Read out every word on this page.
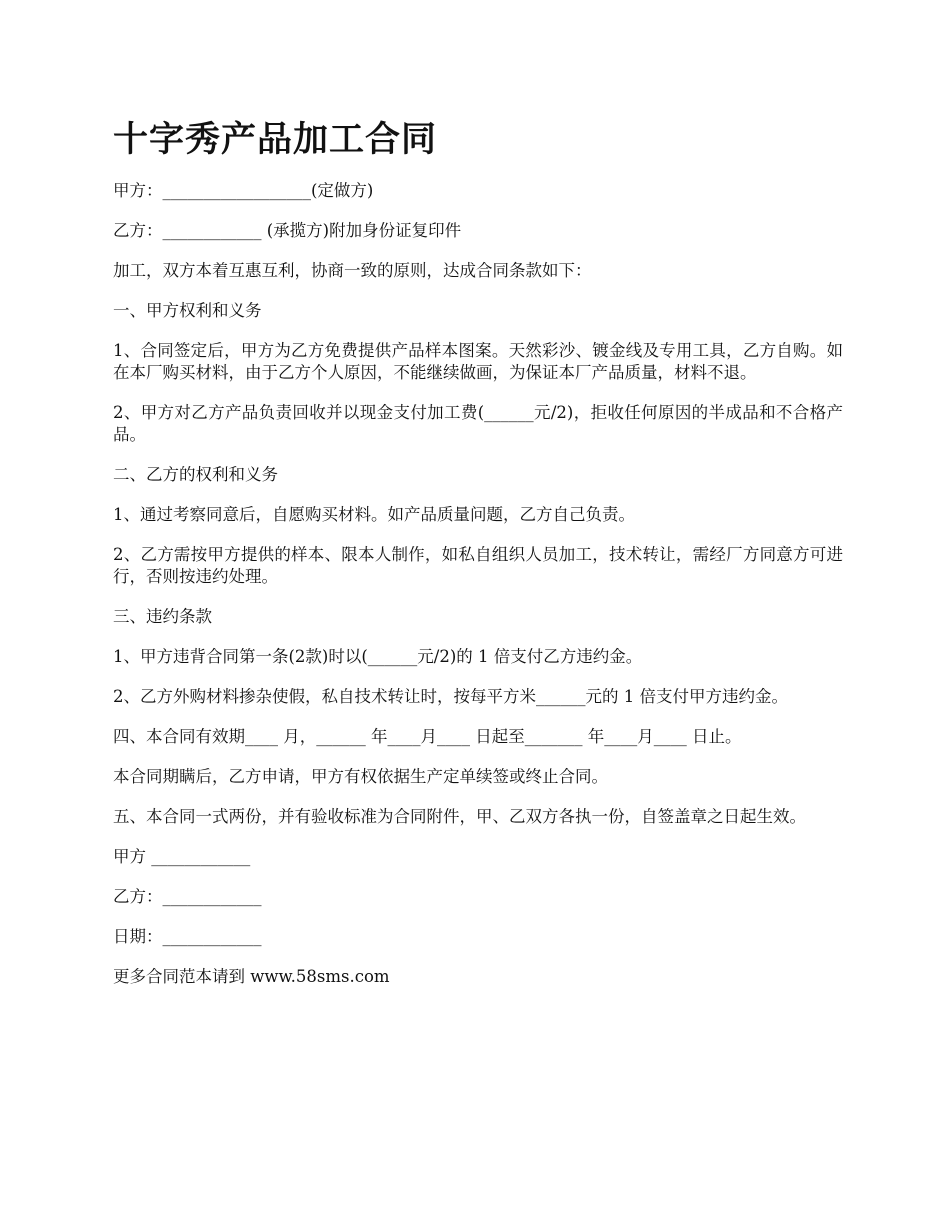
十字秀产品加工合同

甲方：__________________(定做方)

乙方：____________ (承揽方)附加身份证复印件

加工，双方本着互惠互利，协商一致的原则，达成合同条款如下：

一、甲方权利和义务

1、合同签定后，甲方为乙方免费提供产品样本图案。天然彩沙、镀金线及专用工具，乙方自购。如在本厂购买材料，由于乙方个人原因，不能继续做画，为保证本厂产品质量，材料不退。

2、甲方对乙方产品负责回收并以现金支付加工费(______元/2)，拒收任何原因的半成品和不合格产品。

二、乙方的权利和义务

1、通过考察同意后，自愿购买材料。如产品质量问题，乙方自己负责。

2、乙方需按甲方提供的样本、限本人制作，如私自组织人员加工，技术转让，需经厂方同意方可进行，否则按违约处理。

三、违约条款

1、甲方违背合同第一条(2款)时以(______元/2)的 1 倍支付乙方违约金。

2、乙方外购材料掺杂使假，私自技术转让时，按每平方米______元的 1 倍支付甲方违约金。

四、本合同有效期____ 月，______ 年____月____ 日起至_______ 年____月____ 日止。

本合同期瞒后，乙方申请，甲方有权依据生产定单续签或终止合同。

五、本合同一式两份，并有验收标准为合同附件，甲、乙双方各执一份，自签盖章之日起生效。

甲方 ____________

乙方：____________

日期：____________

更多合同范本请到 www.58sms.com
